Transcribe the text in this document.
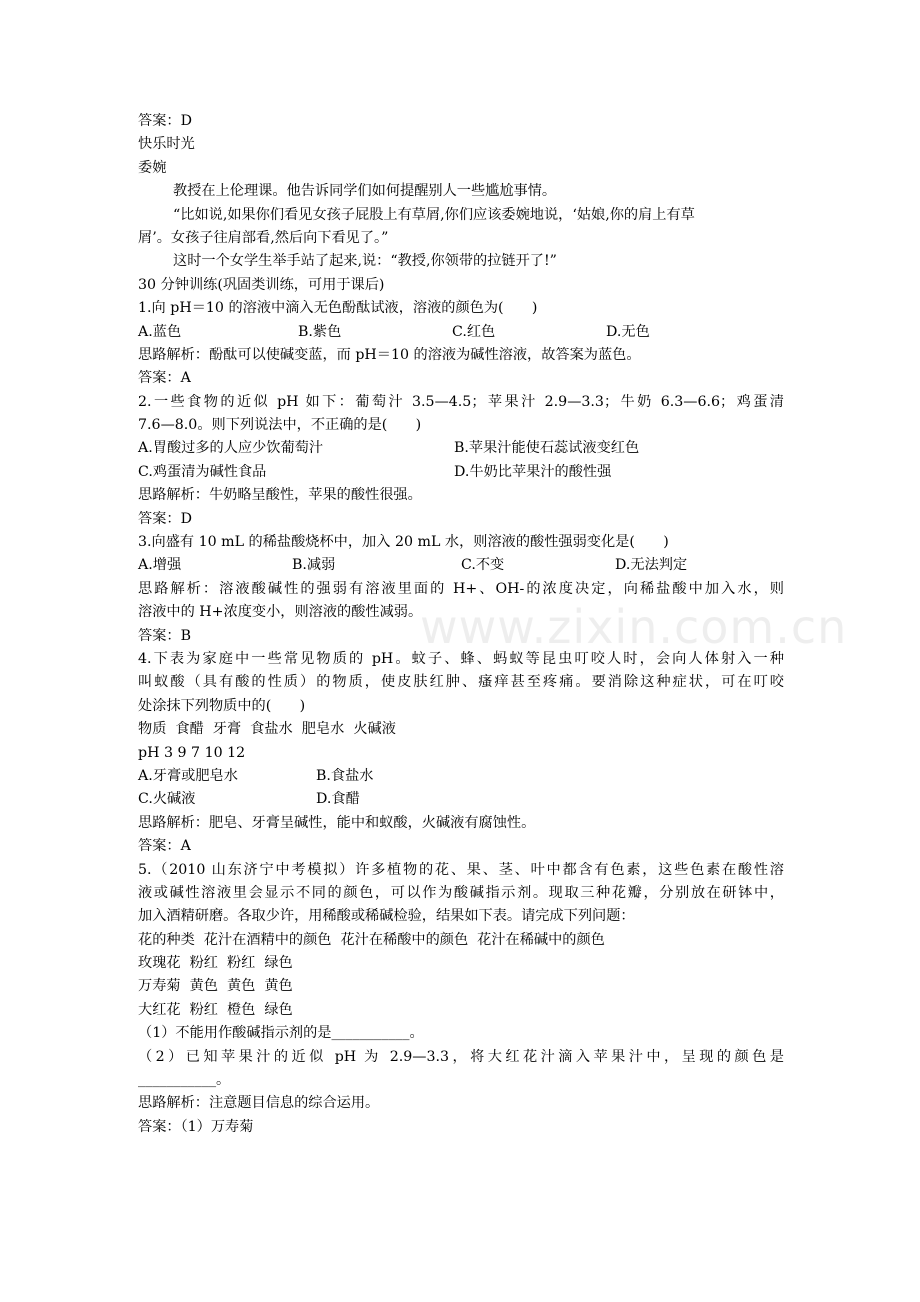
答案：D
快乐时光
委婉
教授在上伦理课。他告诉同学们如何提醒别人一些尴尬事情。
“比如说,如果你们看见女孩子屁股上有草屑,你们应该委婉地说，‘姑娘,你的肩上有草
屑’。女孩子往肩部看,然后向下看见了。”
这时一个女学生举手站了起来,说：“教授,你领带的拉链开了!”
30 分钟训练(巩固类训练，可用于课后)
1.向 pH＝10 的溶液中滴入无色酚酞试液，溶液的颜色为(　　)
A.蓝色	B.紫色	C.红色	D.无色
思路解析：酚酞可以使碱变蓝，而 pH＝10 的溶液为碱性溶液，故答案为蓝色。
答案：A
2.一些食物的近似 pH 如下：葡萄汁 3.5—4.5；苹果汁 2.9—3.3；牛奶 6.3—6.6；鸡蛋清
7.6—8.0。则下列说法中，不正确的是(　　)
A.胃酸过多的人应少饮葡萄汁	B.苹果汁能使石蕊试液变红色
C.鸡蛋清为碱性食品	D.牛奶比苹果汁的酸性强
思路解析：牛奶略呈酸性，苹果的酸性很强。
答案：D
3.向盛有 10 mL 的稀盐酸烧杯中，加入 20 mL 水，则溶液的酸性强弱变化是(　　)
A.增强	B.减弱	C.不变	D.无法判定
思路解析：溶液酸碱性的强弱有溶液里面的 H+、OH-的浓度决定，向稀盐酸中加入水，则
溶液中的 H+浓度变小，则溶液的酸性减弱。
答案：B
4.下表为家庭中一些常见物质的 pH。蚊子、蜂、蚂蚁等昆虫叮咬人时，会向人体射入一种
叫蚁酸（具有酸的性质）的物质，使皮肤红肿、瘙痒甚至疼痛。要消除这种症状，可在叮咬
处涂抹下列物质中的(　　)
物质  食醋  牙膏  食盐水  肥皂水  火碱液
pH 3 9 7 10 12
A.牙膏或肥皂水	B.食盐水
C.火碱液	D.食醋
思路解析：肥皂、牙膏呈碱性，能中和蚁酸，火碱液有腐蚀性。
答案：A
5.（2010 山东济宁中考模拟）许多植物的花、果、茎、叶中都含有色素，这些色素在酸性溶
液或碱性溶液里会显示不同的颜色，可以作为酸碱指示剂。现取三种花瓣，分别放在研钵中，
加入酒精研磨。各取少许，用稀酸或稀碱检验，结果如下表。请完成下列问题：
花的种类  花汁在酒精中的颜色  花汁在稀酸中的颜色  花汁在稀碱中的颜色
玫瑰花  粉红  粉红  绿色
万寿菊  黄色  黄色  黄色
大红花  粉红  橙色  绿色
（1）不能用作酸碱指示剂的是___________。
（2）已知苹果汁的近似 pH 为 2.9—3.3，将大红花汁滴入苹果汁中，呈现的颜色是
___________。
思路解析：注意题目信息的综合运用。
答案：（1）万寿菊
www.zixin.com.cn
